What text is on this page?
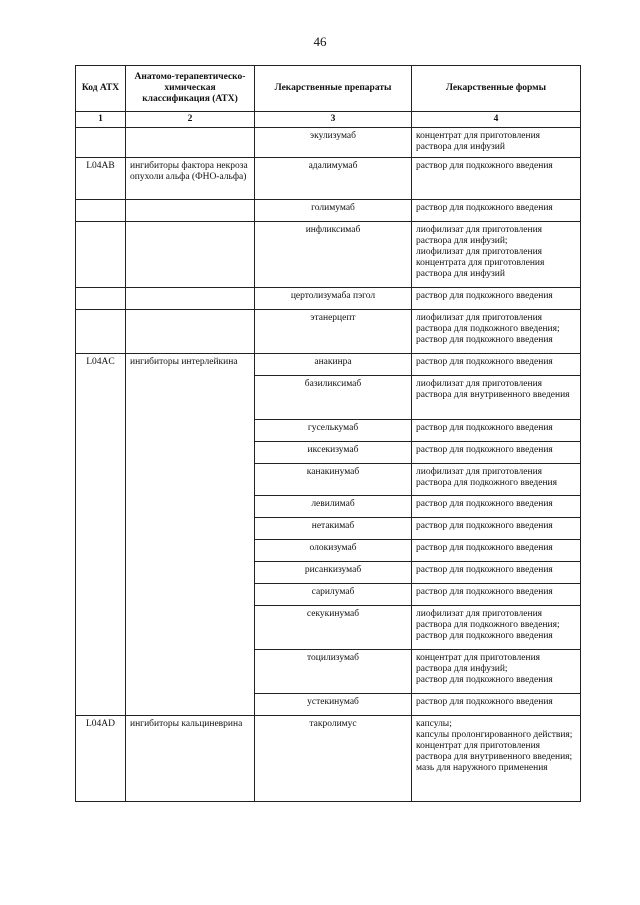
46
Код АТХ	Анатомо-терапевтическо-химическая классификация (АТХ)	Лекарственные препараты	Лекарственные формы
1	2	3	4
		экулизумаб	концентрат для приготовления раствора для инфузий

L04AB	ингибиторы фактора некроза опухоли альфа (ФНО-альфа)	адалимумаб	раствор для подкожного введения

		голимумаб	раствор для подкожного введения

		инфликсимаб	лиофилизат для приготовления раствора для инфузий;
лиофилизат для приготовления концентрата для приготовления раствора для инфузий

		цертолизумаба пэгол	раствор для подкожного введения

		этанерцепт	лиофилизат для приготовления раствора для подкожного введения;
раствор для подкожного введения

L04AC	ингибиторы интерлейкина	анакинра	раствор для подкожного введения

		базиликсимаб	лиофилизат для приготовления раствора для внутривенного введения

		гуселькумаб	раствор для подкожного введения

		иксекизумаб	раствор для подкожного введения

		канакинумаб	лиофилизат для приготовления раствора для подкожного введения

		левилимаб	раствор для подкожного введения

		нетакимаб	раствор для подкожного введения

		олокизумаб	раствор для подкожного введения

		рисанкизумаб	раствор для подкожного введения

		сарилумаб	раствор для подкожного введения

		секукинумаб	лиофилизат для приготовления раствора для подкожного введения;
раствор для подкожного введения

		тоцилизумаб	концентрат для приготовления раствора для инфузий;
раствор для подкожного введения

		устекинумаб	раствор для подкожного введения

L04AD	ингибиторы кальциневрина	такролимус	капсулы;
капсулы пролонгированного действия;
концентрат для приготовления раствора для внутривенного введения;
мазь для наружного применения
